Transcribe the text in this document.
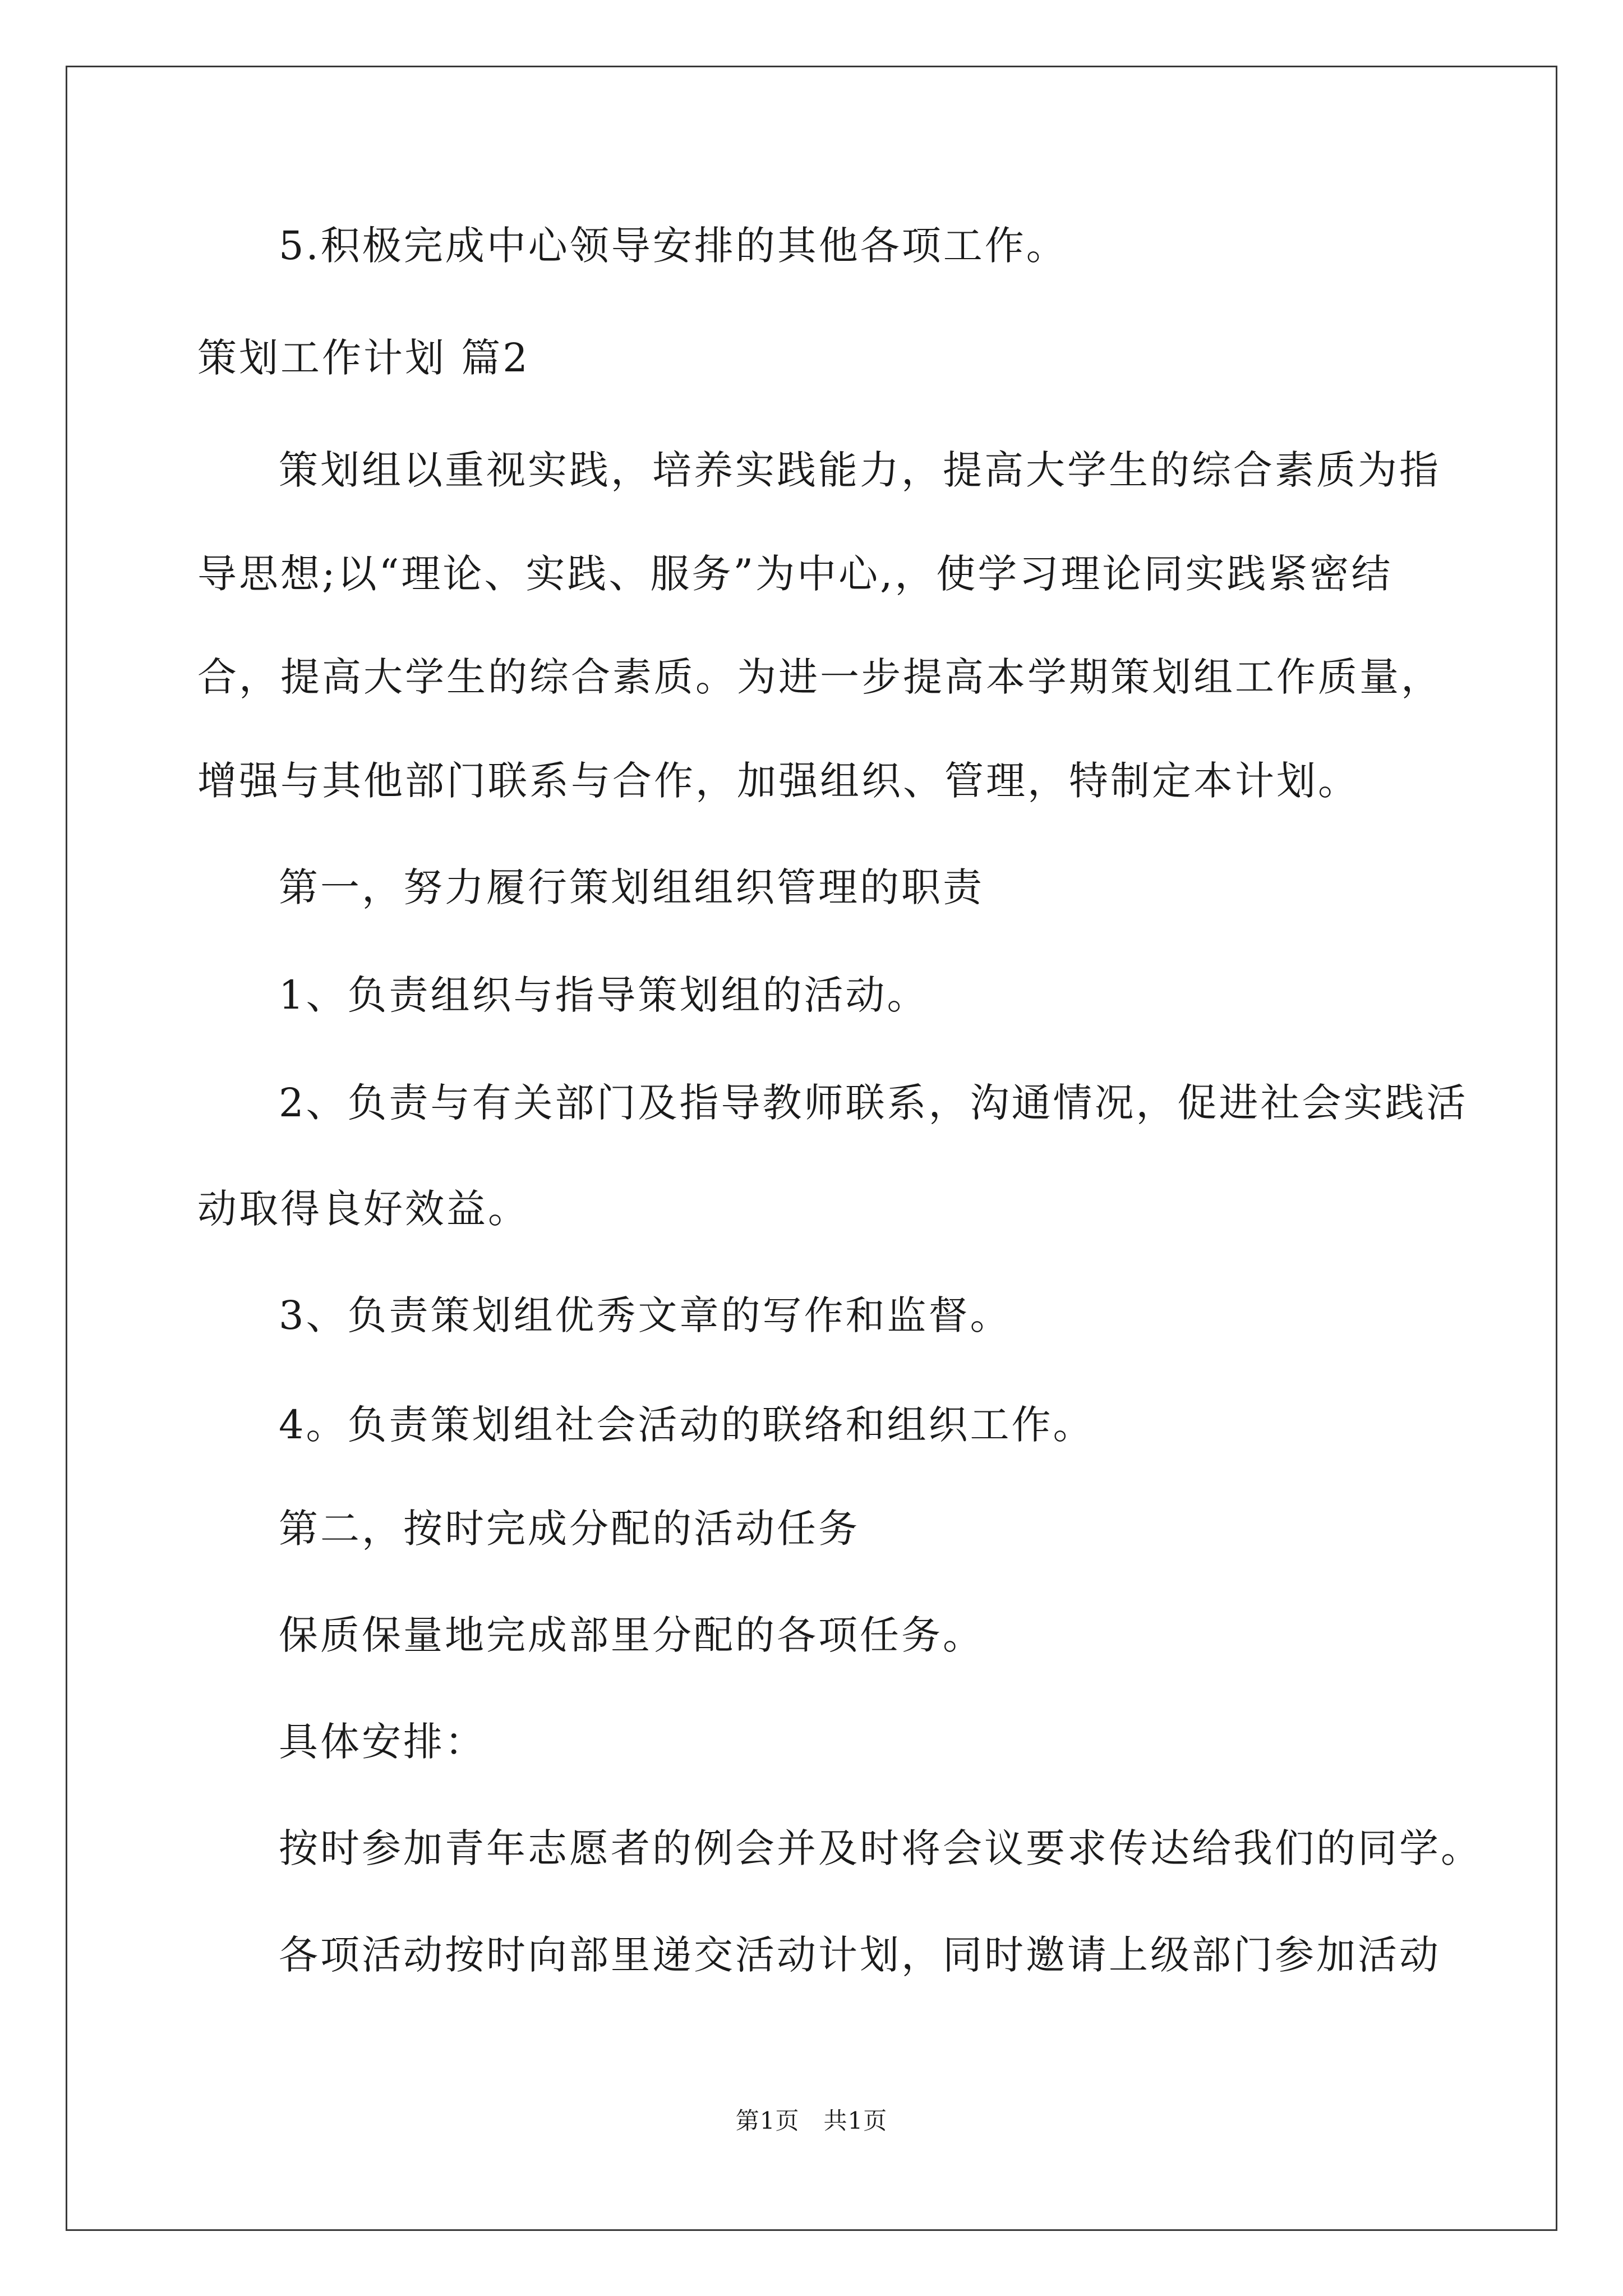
5.积极完成中心领导安排的其他各项工作。
策划工作计划 篇2
策划组以重视实践，培养实践能力，提高大学生的综合素质为指
导思想;以“理论、实践、服务”为中心,，使学习理论同实践紧密结
合，提高大学生的综合素质。为进一步提高本学期策划组工作质量，
增强与其他部门联系与合作，加强组织、管理，特制定本计划。
第一，努力履行策划组组织管理的职责
1、负责组织与指导策划组的活动。
2、负责与有关部门及指导教师联系，沟通情况，促进社会实践活
动取得良好效益。
3、负责策划组优秀文章的写作和监督。
4。负责策划组社会活动的联络和组织工作。
第二，按时完成分配的活动任务
保质保量地完成部里分配的各项任务。
具体安排：
按时参加青年志愿者的例会并及时将会议要求传达给我们的同学。
各项活动按时向部里递交活动计划，同时邀请上级部门参加活动
第1页　共1页
